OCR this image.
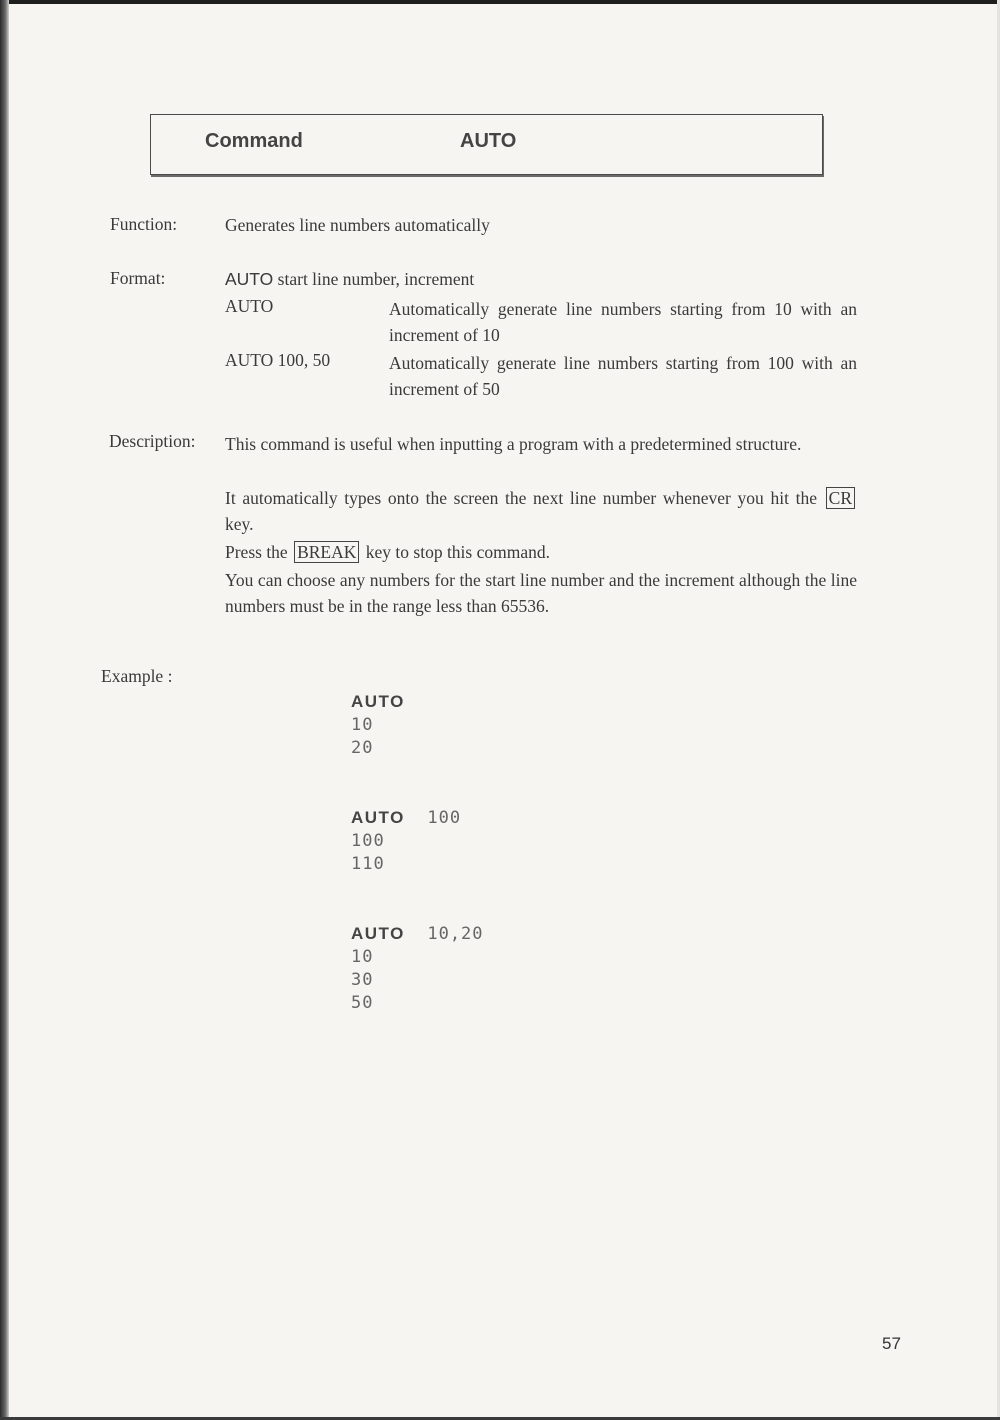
Command	AUTO
Function:	Generates line numbers automatically
Format:	AUTO start line number, increment
AUTO	Automatically generate line numbers starting from 10 with an increment of 10
AUTO 100, 50	Automatically generate line numbers starting from 100 with an increment of 50
Description: This command is useful when inputting a program with a predetermined structure.

It automatically types onto the screen the next line number whenever you hit the CR key.

Press the BREAK key to stop this command.

You can choose any numbers for the start line number and the increment although the line numbers must be in the range less than 65536.

Example :
AUTO
10
20
AUTO 100
100
110
AUTO 10,20
10
30
50
57
